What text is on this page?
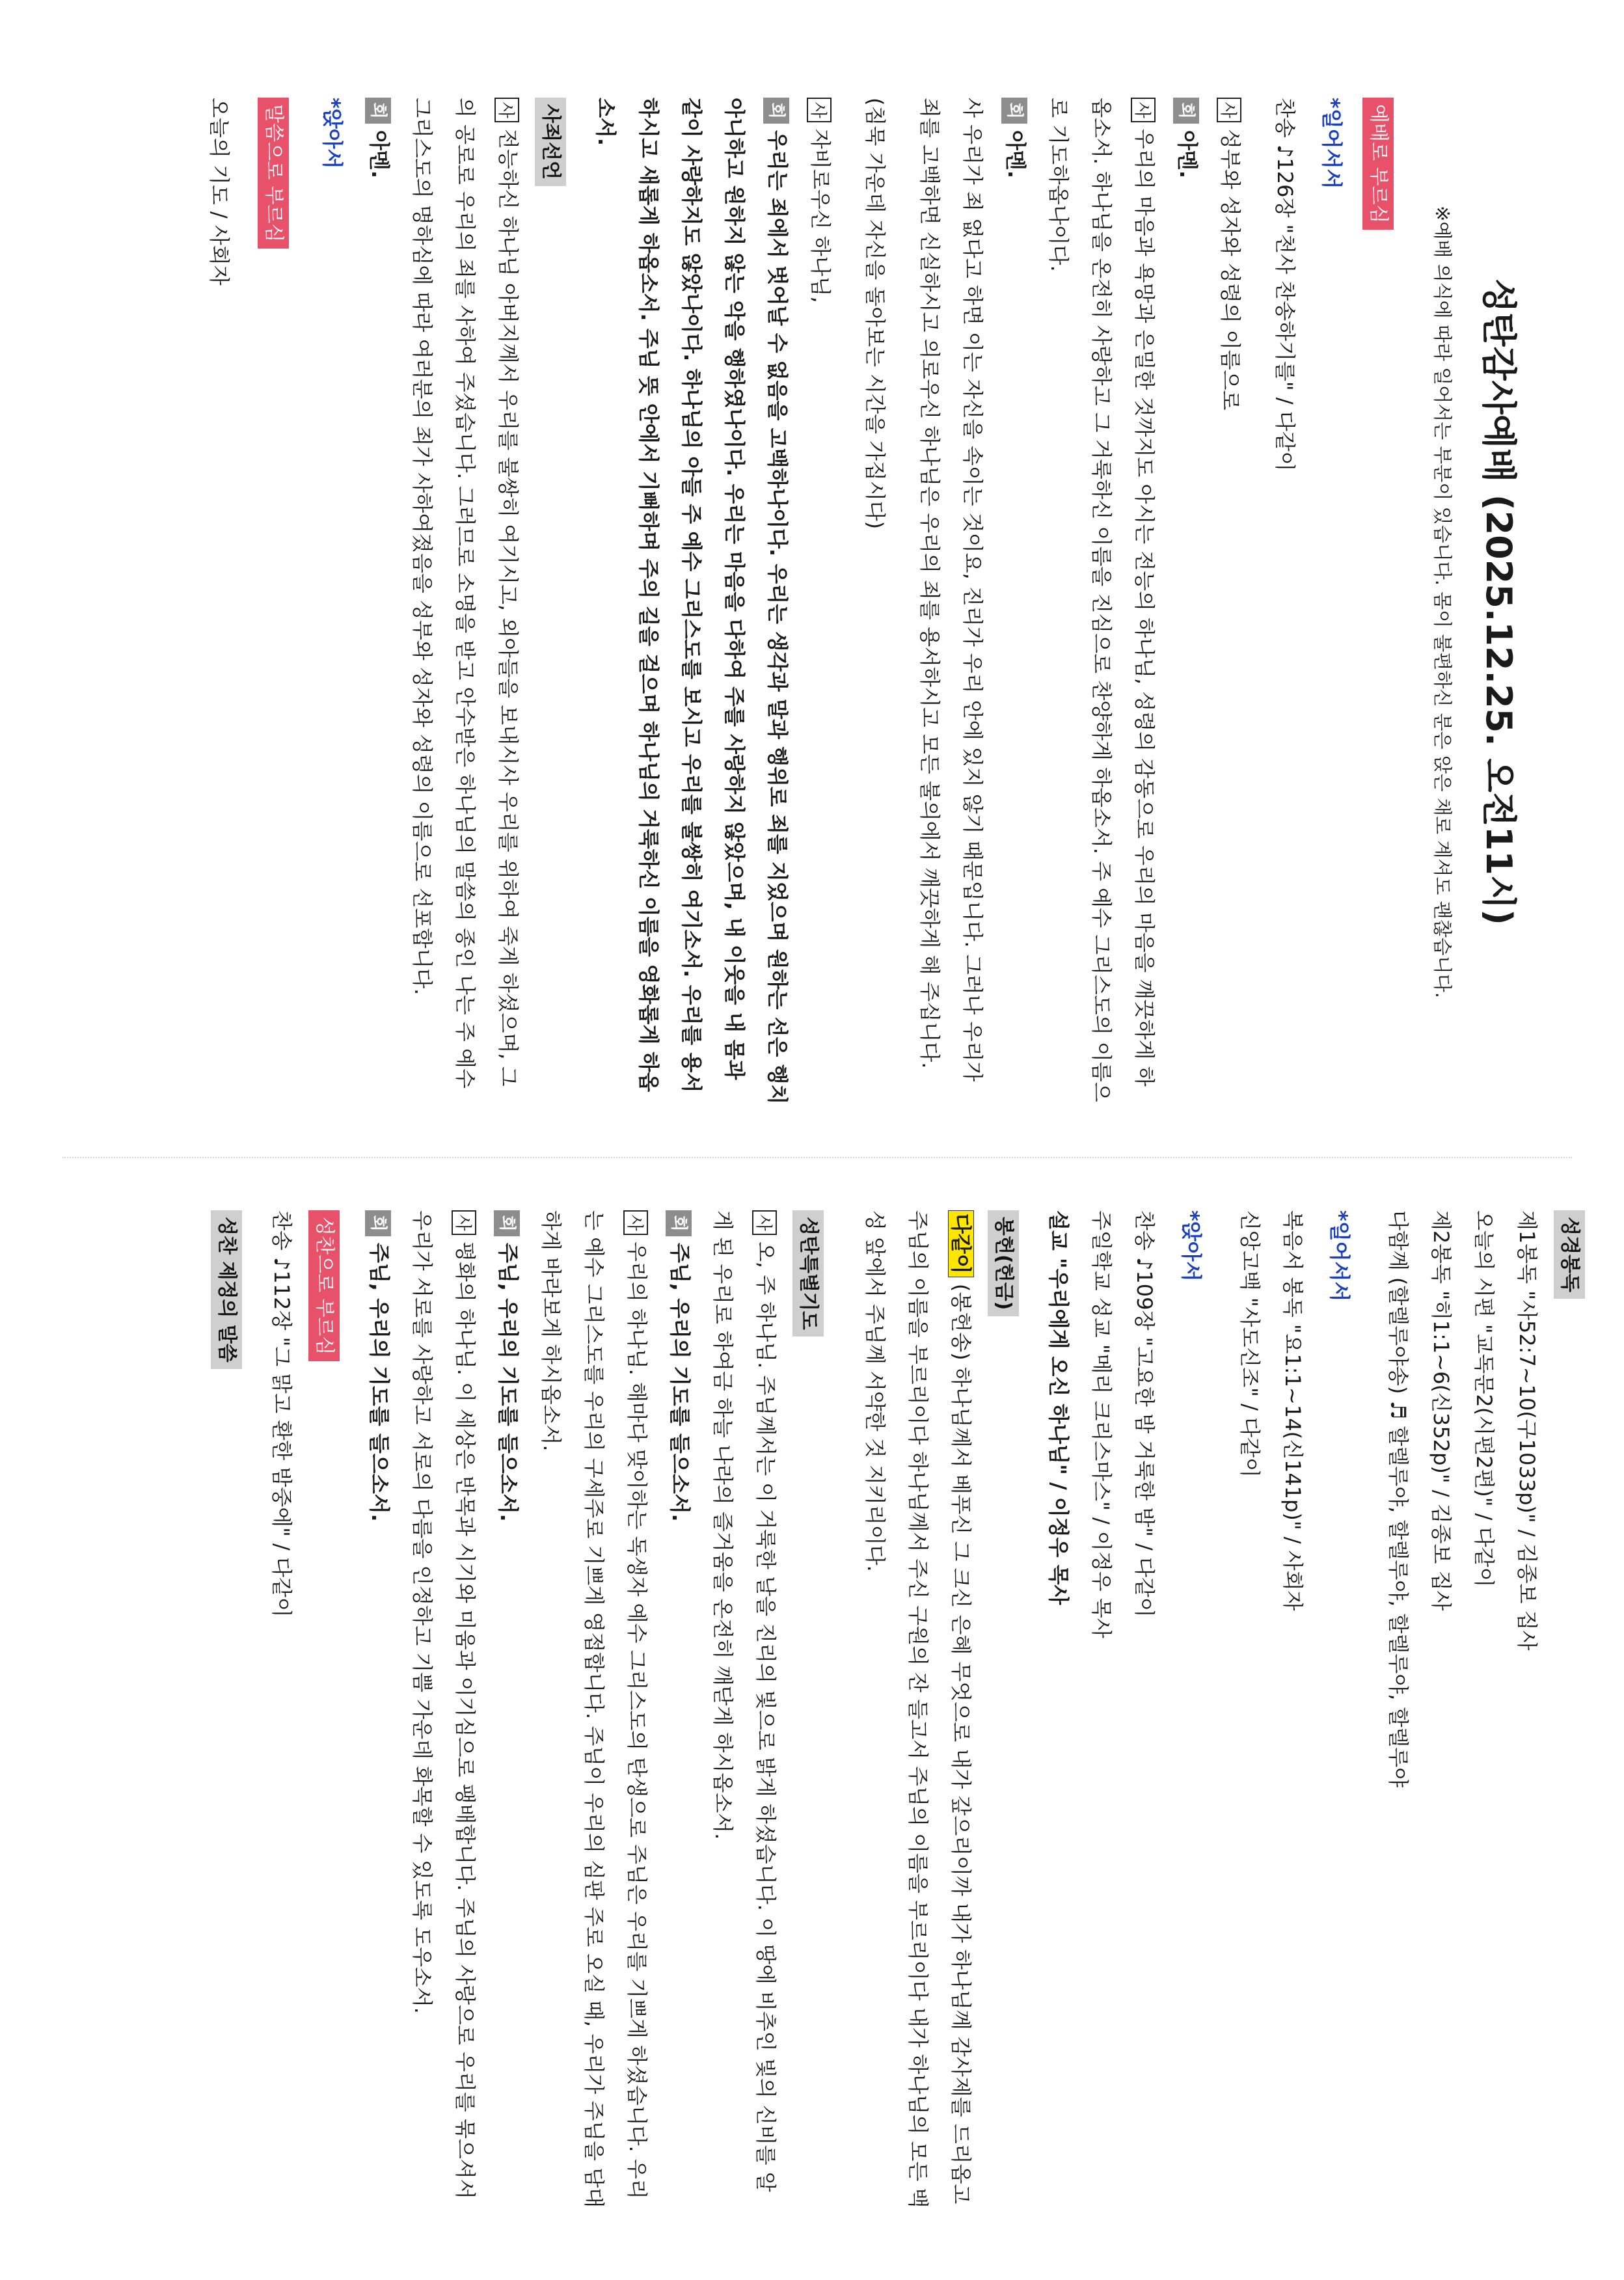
성탄감사예배 (2025.12.25. 오전11시)
※예배 의식에 따라 일어서는 부분이 있습니다. 몸이 불편하신 분은 앉은 채로 계셔도 괜찮습니다.
예배로 부르심
*일어서서

찬송 ♪126장 "천사 찬송하기를" / 다같이

사성부와 성자와 성령의 이름으로

회아멘.

사우리의 마음과 욕망과 은밀한 것까지도 아시는 전능의 하나님, 성령의 감동으로 우리의 마음을 깨끗하게 하옵소서. 하나님을 온전히 사랑하고 그 거룩하신 이름을 진심으로 찬양하게 하옵소서. 주 예수 그리스도의 이름으로 기도하옵나이다.

회아멘.

사 우리가 죄 없다고 하면 이는 자신을 속이는 것이요, 진리가 우리 안에 있지 않기 때문입니다. 그러나 우리가 죄를 고백하면 신실하시고 의로우신 하나님은 우리의 죄를 용서하시고 모든 불의에서 깨끗하게 해 주십니다.

(침묵 가운데 자신을 돌아보는 시간을 가집시다)

사자비로우신 하나님,

회우리는 죄에서 벗어날 수 없음을 고백하나이다. 우리는 생각과 말과 행위로 죄를 지었으며 원하는 선은 행치 아니하고 원하지 않는 악을 행하였나이다. 우리는 마음을 다하여 주를 사랑하지 않았으며, 내 이웃을 내 몸과 같이 사랑하지도 않았나이다. 하나님의 아들 주 예수 그리스도를 보시고 우리를 불쌍히 여기소서. 우리를 용서하시고 새롭게 하옵소서. 주님 뜻 안에서 기뻐하며 주의 길을 걸으며 하나님의 거룩하신 이름을 영화롭게 하옵소서.

사죄선언

사전능하신 하나님 아버지께서 우리를 불쌍히 여기시고, 외아들을 보내시사 우리를 위하여 죽게 하셨으며, 그의 공로로 우리의 죄를 사하여 주셨습니다. 그러므로 소명을 받고 안수받은 하나님의 말씀의 종인 나는 주 예수 그리스도의 명하심에 따라 여러분의 죄가 사하여졌음을 성부와 성자와 성령의 이름으로 선포합니다.

회아멘.

*앉아서
말씀으로 부르심

오늘의 기도 / 사회자

성경봉독

제1봉독 "사52:7~10(구1033p)" / 김종보 집사

오늘의 시편 "교독문2(시편2편)" / 다같이

제2봉독 "히1:1~6(신352p)" / 김종보 집사

다함께 (할렐루야송) ♬ 할렐루야, 할렐루야, 할렐루야, 할렐루야

*일어서서

복음서 봉독 "요1:1~14(신141p)" / 사회자

신앙고백 "사도신조" / 다같이

*앉아서

찬송 ♪109장 "고요한 밤 거룩한 밤" / 다같이

주일학교 성교 "메리 크리스마스" / 이정우 목사

설교 "우리에게 오신 하나님" / 이정우 목사

봉헌(헌금)

다같이 (봉헌송) 하나님께서 베푸신 그 크신 은혜 무엇으로 내가 갚으리이까 내가 하나님께 감사제를 드리옵고 주님의 이름을 부르리이다 하나님께서 주신 구원의 잔 들고서 주님의 이름을 부르리이다 내가 하나님의 모든 백성 앞에서 주님께 서약한 것 지키리이다.

성탄특별기도

사오, 주 하나님. 주님께서는 이 거룩한 날을 진리의 빛으로 밝게 하셨습니다. 이 땅에 비추인 빛의 신비를 알게 된 우리로 하여금 하늘 나라의 즐거움을 온전히 깨닫게 하시옵소서.

회주님, 우리의 기도를 들으소서.

사우리의 하나님. 해마다 맞이하는 독생자 예수 그리스도의 탄생으로 주님은 우리를 기쁘게 하셨습니다. 우리는 예수 그리스도를 우리의 구세주로 기쁘게 영접합니다. 주님이 우리의 심판 주로 오실 때, 우리가 주님을 담대하게 바라보게 하시옵소서.

회주님, 우리의 기도를 들으소서.

사평화의 하나님. 이 세상은 반목과 시기와 미움과 이기심으로 팽배합니다. 주님의 사랑으로 우리를 묶으셔서 우리가 서로를 사랑하고 서로의 다름을 인정하고 기쁨 가운데 화목할 수 있도록 도우소서.

회주님, 우리의 기도를 들으소서.

성찬으로 부르심

찬송 ♪112장 "그 맑고 환한 밤중에" / 다같이

성찬 제정의 말씀
